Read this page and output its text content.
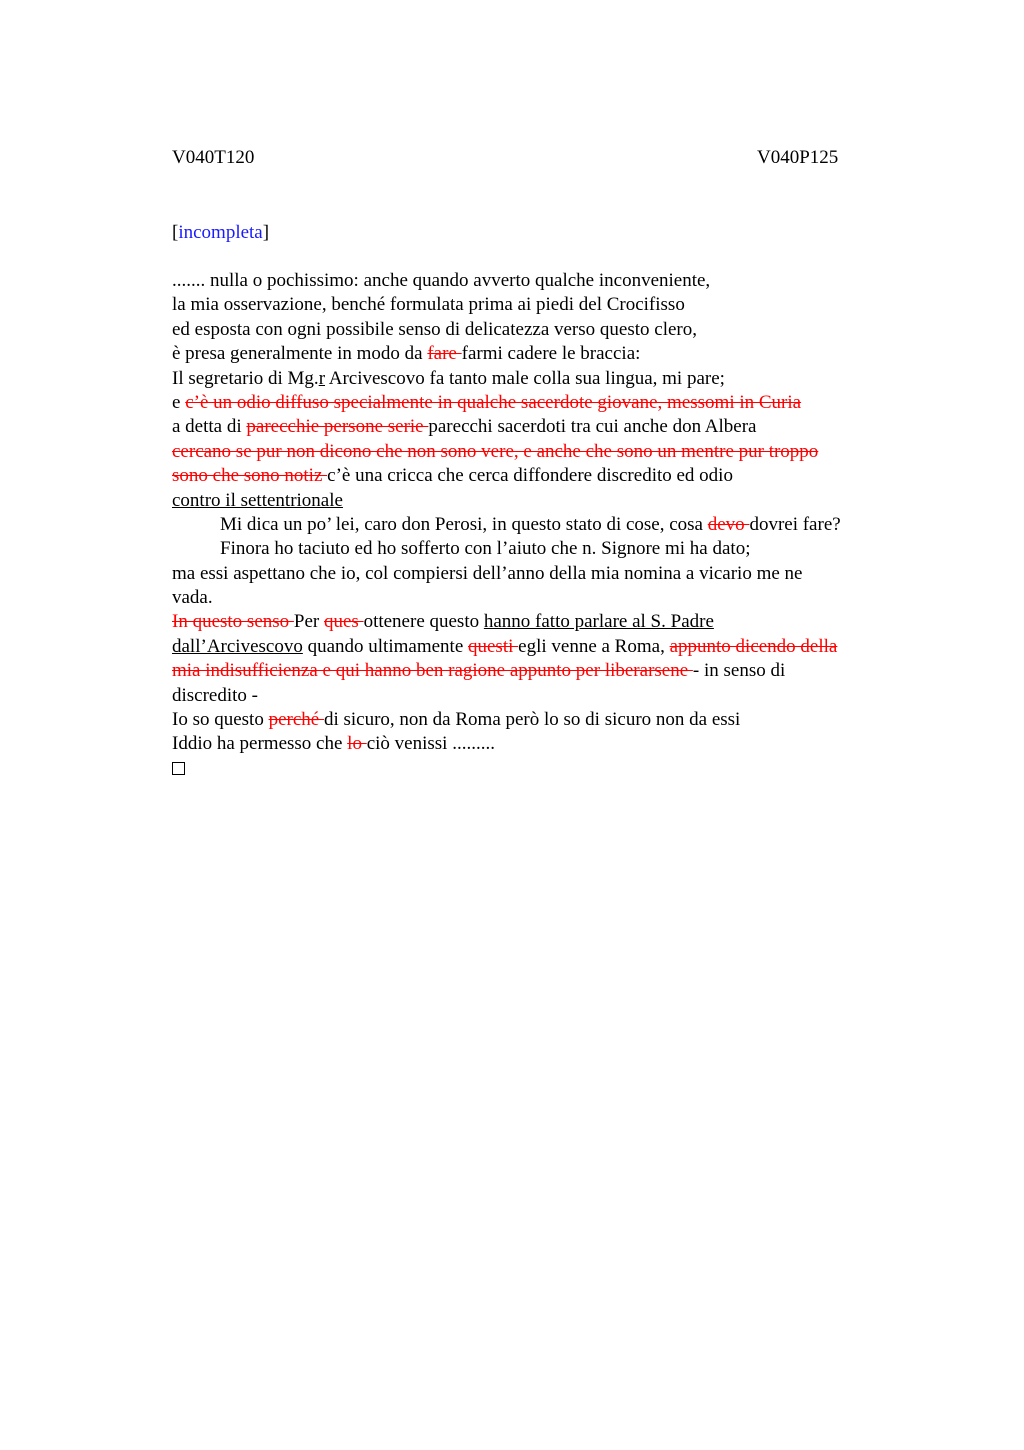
V040T120	V040P125
[incompleta]
....... nulla o pochissimo: anche quando avverto qualche inconveniente,
la mia osservazione, benché formulata prima ai piedi del Crocifisso
ed esposta con ogni possibile senso di delicatezza verso questo clero,
è presa generalmente in modo da fare farmi cadere le braccia:
Il segretario di Mg.r Arcivescovo fa tanto male colla sua lingua, mi pare;
e c’è un odio diffuso specialmente in qualche sacerdote giovane, messomi in Curia
a detta di parecchie persone serie parecchi sacerdoti tra cui anche don Albera
cercano se pur non dicono che non sono vere, e anche che sono un mentre pur troppo
sono che sono notiz c’è una cricca che cerca diffondere discredito ed odio
contro il settentrionale
Mi dica un po’ lei, caro don Perosi, in questo stato di cose, cosa devo dovrei fare?
Finora ho taciuto ed ho sofferto con l’aiuto che n. Signore mi ha dato;
ma essi aspettano che io, col compiersi dell’anno della mia nomina a vicario me ne
vada.
In questo senso Per ques ottenere questo hanno fatto parlare al S. Padre
dall’Arcivescovo quando ultimamente questi egli venne a Roma, appunto dicendo della
mia indisufficienza e qui hanno ben ragione appunto per liberarsene - in senso di
discredito -
Io so questo perché di sicuro, non da Roma però lo so di sicuro non da essi
Iddio ha permesso che lo ciò venissi .........
